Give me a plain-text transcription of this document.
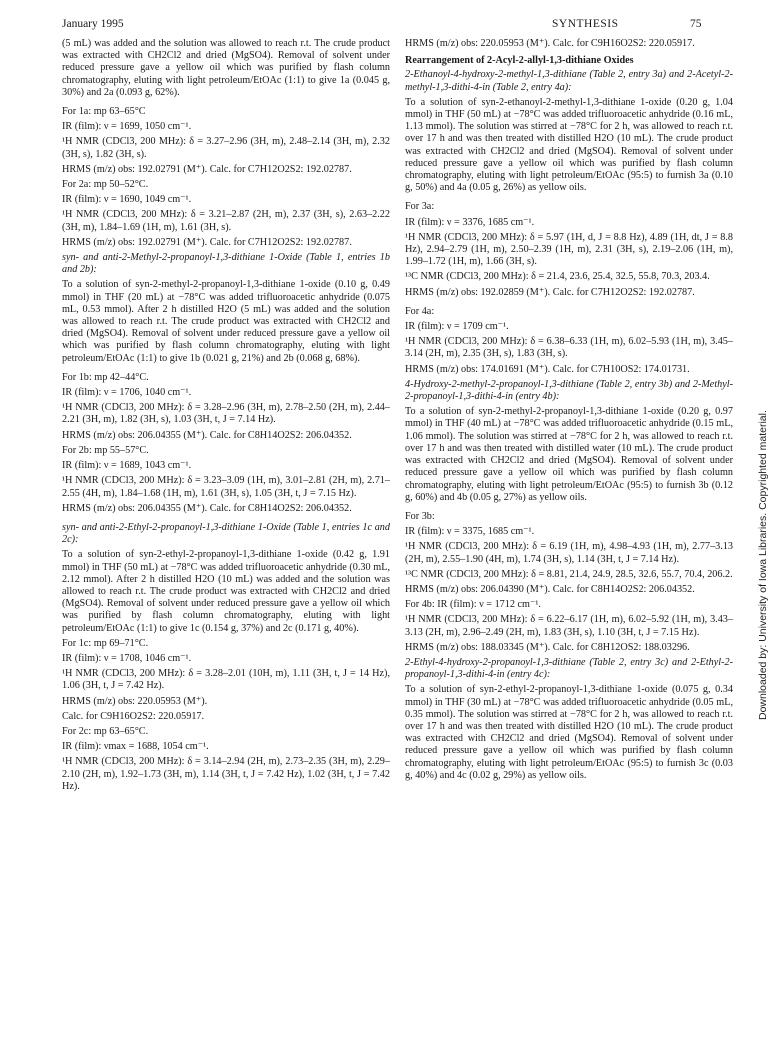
January 1995	SYNTHESIS	75

(5 mL) was added and the solution was allowed to reach r.t. The crude product was extracted with CH2Cl2 and dried (MgSO4). Removal of solvent under reduced pressure gave a yellow oil which was purified by flash column chromatography, eluting with light petroleum/EtOAc (1:1) to give 1a (0.045 g, 30%) and 2a (0.093 g, 62%).

For 1a: mp 63–65°C

IR (film): ν = 1699, 1050 cm⁻¹.

¹H NMR (CDCl3, 200 MHz): δ = 3.27–2.96 (3H, m), 2.48–2.14 (3H, m), 2.32 (3H, s), 1.82 (3H, s).

HRMS (m/z) obs: 192.02791 (M⁺). Calc. for C7H12O2S2: 192.02787.

For 2a: mp 50–52°C.

IR (film): ν = 1690, 1049 cm⁻¹.

¹H NMR (CDCl3, 200 MHz): δ = 3.21–2.87 (2H, m), 2.37 (3H, s), 2.63–2.22 (3H, m), 1.84–1.69 (1H, m), 1.61 (3H, s).

HRMS (m/z) obs: 192.02791 (M⁺). Calc. for C7H12O2S2: 192.02787.

syn- and anti-2-Methyl-2-propanoyl-1,3-dithiane 1-Oxide (Table 1, entries 1b and 2b):

To a solution of syn-2-methyl-2-propanoyl-1,3-dithiane 1-oxide (0.10 g, 0.49 mmol) in THF (20 mL) at −78°C was added trifluoroacetic anhydride (0.075 mL, 0.53 mmol). After 2 h distilled H2O (5 mL) was added and the solution was allowed to reach r.t. The crude product was extracted with CH2Cl2 and dried (MgSO4). Removal of solvent under reduced pressure gave a yellow oil which was purified by flash column chromatography, eluting with light petroleum/EtOAc (1:1) to give 1b (0.021 g, 21%) and 2b (0.068 g, 68%).

For 1b: mp 42–44°C.

IR (film): ν = 1706, 1040 cm⁻¹.

¹H NMR (CDCl3, 200 MHz): δ = 3.28–2.96 (3H, m), 2.78–2.50 (2H, m), 2.44–2.21 (3H, m), 1.82 (3H, s), 1.03 (3H, t, J = 7.14 Hz).

HRMS (m/z) obs: 206.04355 (M⁺). Calc. for C8H14O2S2: 206.04352.

For 2b: mp 55–57°C.

IR (film): ν = 1689, 1043 cm⁻¹.

¹H NMR (CDCl3, 200 MHz): δ = 3.23–3.09 (1H, m), 3.01–2.81 (2H, m), 2.71–2.55 (4H, m), 1.84–1.68 (1H, m), 1.61 (3H, s), 1.05 (3H, t, J = 7.15 Hz).

HRMS (m/z) obs: 206.04355 (M⁺). Calc. for C8H14O2S2: 206.04352.

syn- and anti-2-Ethyl-2-propanoyl-1,3-dithiane 1-Oxide (Table 1, entries 1c and 2c):

To a solution of syn-2-ethyl-2-propanoyl-1,3-dithiane 1-oxide (0.42 g, 1.91 mmol) in THF (50 mL) at −78°C was added trifluoroacetic anhydride (0.30 mL, 2.12 mmol). After 2 h distilled H2O (10 mL) was added and the solution was allowed to reach r.t. The crude product was extracted with CH2Cl2 and dried (MgSO4). Removal of solvent under reduced pressure gave a yellow oil which was purified by flash column chromatography, eluting with light petroleum/EtOAc (1:1) to give 1c (0.154 g, 37%) and 2c (0.171 g, 40%).

For 1c: mp 69–71°C.

IR (film): ν = 1708, 1046 cm⁻¹.

¹H NMR (CDCl3, 200 MHz): δ = 3.28–2.01 (10H, m), 1.11 (3H, t, J = 14 Hz), 1.06 (3H, t, J = 7.42 Hz).

HRMS (m/z) obs: 220.05953 (M⁺).

Calc. for C9H16O2S2: 220.05917.

For 2c: mp 63–65°C.

IR (film): νmax = 1688, 1054 cm⁻¹.

¹H NMR (CDCl3, 200 MHz): δ = 3.14–2.94 (2H, m), 2.73–2.35 (3H, m), 2.29–2.10 (2H, m), 1.92–1.73 (3H, m), 1.14 (3H, t, J = 7.42 Hz), 1.02 (3H, t, J = 7.42 Hz).

HRMS (m/z) obs: 220.05953 (M⁺). Calc. for C9H16O2S2: 220.05917.

Rearrangement of 2-Acyl-2-allyl-1,3-dithiane Oxides

2-Ethanoyl-4-hydroxy-2-methyl-1,3-dithiane (Table 2, entry 3a) and 2-Acetyl-2-methyl-1,3-dithi-4-in (Table 2, entry 4a):

To a solution of syn-2-ethanoyl-2-methyl-1,3-dithiane 1-oxide (0.20 g, 1.04 mmol) in THF (50 mL) at −78°C was added trifluoroacetic anhydride (0.16 mL, 1.13 mmol). The solution was stirred at −78°C for 2 h, was allowed to reach r.t. over 17 h and was then treated with distilled H2O (10 mL). The crude product was extracted with CH2Cl2 and dried (MgSO4). Removal of solvent under reduced pressure gave a yellow oil which was purified by flash column chromatography, eluting with light petroleum/EtOAc (95:5) to furnish 3a (0.10 g, 50%) and 4a (0.05 g, 26%) as yellow oils.

For 3a:

IR (film): ν = 3376, 1685 cm⁻¹.

¹H NMR (CDCl3, 200 MHz): δ = 5.97 (1H, d, J = 8.8 Hz), 4.89 (1H, dt, J = 8.8 Hz), 2.94–2.79 (1H, m), 2.50–2.39 (1H, m), 2.31 (3H, s), 2.19–2.06 (1H, m), 1.99–1.72 (1H, m), 1.66 (3H, s).

¹³C NMR (CDCl3, 200 MHz): δ = 21.4, 23.6, 25.4, 32.5, 55.8, 70.3, 203.4.

HRMS (m/z) obs: 192.02859 (M⁺). Calc. for C7H12O2S2: 192.02787.

For 4a:

IR (film): ν = 1709 cm⁻¹.

¹H NMR (CDCl3, 200 MHz): δ = 6.38–6.33 (1H, m), 6.02–5.93 (1H, m), 3.45–3.14 (2H, m), 2.35 (3H, s), 1.83 (3H, s).

HRMS (m/z) obs: 174.01691 (M⁺). Calc. for C7H10OS2: 174.01731.

4-Hydroxy-2-methyl-2-propanoyl-1,3-dithiane (Table 2, entry 3b) and 2-Methyl-2-propanoyl-1,3-dithi-4-in (entry 4b):

To a solution of syn-2-methyl-2-propanoyl-1,3-dithiane 1-oxide (0.20 g, 0.97 mmol) in THF (40 mL) at −78°C was added trifluoroacetic anhydride (0.15 mL, 1.06 mmol). The solution was stirred at −78°C for 2 h, was allowed to reach r.t. over 17 h and was then treated with distilled water (10 mL). The crude product was extracted with CH2Cl2 and dried (MgSO4). Removal of solvent under reduced pressure gave a yellow oil which was purified by flash column chromatography, eluting with light petroleum/EtOAc (95:5) to furnish 3b (0.12 g, 60%) and 4b (0.05 g, 27%) as yellow oils.

For 3b:

IR (film): ν = 3375, 1685 cm⁻¹.

¹H NMR (CDCl3, 200 MHz): δ = 6.19 (1H, m), 4.98–4.93 (1H, m), 2.77–3.13 (2H, m), 2.55–1.90 (4H, m), 1.74 (3H, s), 1.14 (3H, t, J = 7.14 Hz).

¹³C NMR (CDCl3, 200 MHz): δ = 8.81, 21.4, 24.9, 28.5, 32.6, 55.7, 70.4, 206.2.

HRMS (m/z) obs: 206.04390 (M⁺). Calc. for C8H14O2S2: 206.04352.

For 4b: IR (film): ν = 1712 cm⁻¹.

¹H NMR (CDCl3, 200 MHz): δ = 6.22–6.17 (1H, m), 6.02–5.92 (1H, m), 3.43–3.13 (2H, m), 2.96–2.49 (2H, m), 1.83 (3H, s), 1.10 (3H, t, J = 7.15 Hz).

HRMS (m/z) obs: 188.03345 (M⁺). Calc. for C8H12OS2: 188.03296.

2-Ethyl-4-hydroxy-2-propanoyl-1,3-dithiane (Table 2, entry 3c) and 2-Ethyl-2-propanoyl-1,3-dithi-4-in (entry 4c):

To a solution of syn-2-ethyl-2-propanoyl-1,3-dithiane 1-oxide (0.075 g, 0.34 mmol) in THF (30 mL) at −78°C was added trifluoroacetic anhydride (0.05 mL, 0.35 mmol). The solution was stirred at −78°C for 2 h, was allowed to reach r.t. over 17 h and was then treated with distilled H2O (10 mL). The crude product was extracted with CH2Cl2 and dried (MgSO4). Removal of solvent under reduced pressure gave a yellow oil which was purified by flash column chromatography, eluting with light petroleum/EtOAc (95:5) to furnish 3c (0.03 g, 40%) and 4c (0.02 g, 29%) as yellow oils.

Downloaded by: University of Iowa Libraries. Copyrighted material.
